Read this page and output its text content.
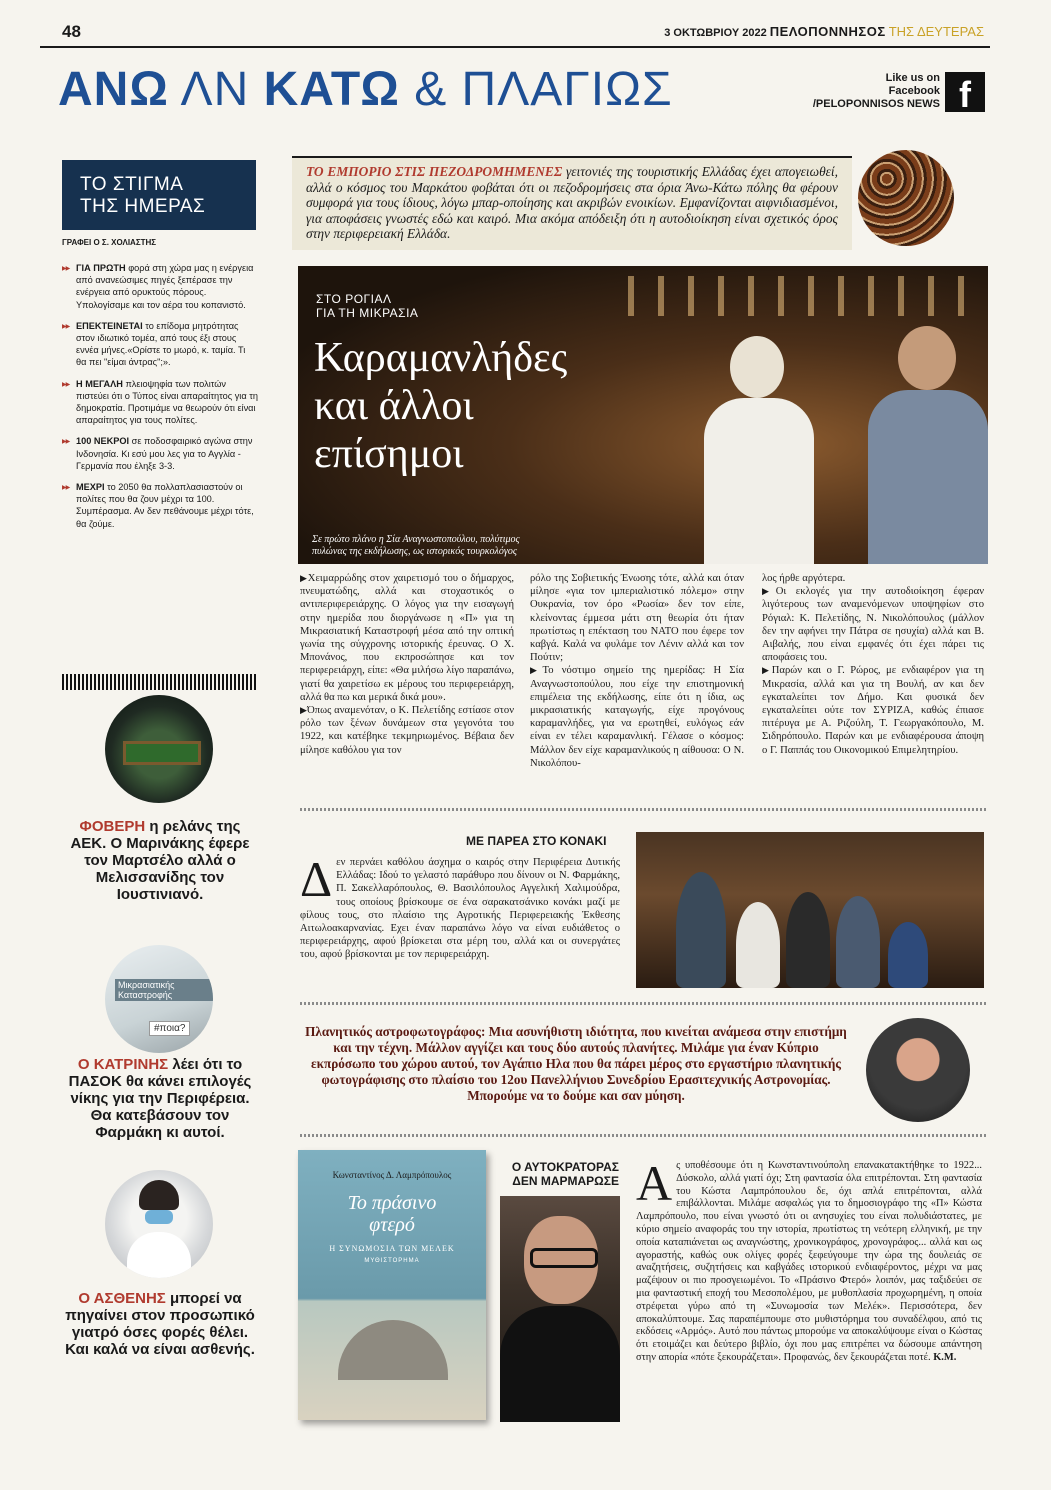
48	3 ΟΚΤΩΒΡΙΟΥ 2022 ΠΕΛΟΠΟΝΝΗΣΟΣ ΤΗΣ ΔΕΥΤΕΡΑΣ
ΑΝΩ ΛΝ ΚΑΤΩ & ΠΛΑΓΙΩΣ	Like us on
Facebook
/PELOPONNISOS NEWS f
ΤΟ ΣΤΙΓΜΑ
ΤΗΣ ΗΜΕΡΑΣ
ΓΡΑΦΕΙ Ο Σ. ΧΟΛΙΑΣΤΗΣ

▶▶ ΓΙΑ ΠΡΩΤΗ φορά στη χώρα μας η ενέργεια από ανανεώσιμες πηγές ξεπέρασε την ενέργεια από ορυκτούς πόρους. Υπολογίσαμε και τον αέρα του κοπανιστό.

▶▶ ΕΠΕΚΤΕΙΝΕΤΑΙ το επίδομα μητρότητας στον ιδιωτικό τομέα, από τους έξι στους εννέα μήνες.«Ορίστε το μωρό, κ. ταμία. Τι θα πει "είμαι άντρας";».

▶▶ Η ΜΕΓΑΛΗ πλειοψηφία των πολιτών πιστεύει ότι ο Τύπος είναι απαραίτητος για τη δημοκρατία. Προτιμάμε να θεωρούν ότι είναι απαραίτητος για τους πολίτες.

▶▶ 100 ΝΕΚΡΟΙ σε ποδοσφαιρικό αγώνα στην Ινδονησία. Κι εσύ μου λες για το Αγγλία - Γερμανία που έληξε 3-3.

▶▶ ΜΕΧΡΙ το 2050 θα πολλαπλασιαστούν οι πολίτες που θα ζουν μέχρι τα 100. Συμπέρασμα. Αν δεν πεθάνουμε μέχρι τότε, θα ζούμε.

ΦΟΒΕΡΗ η ρελάνς της ΑΕΚ. Ο Μαρινάκης έφερε τον Μαρτσέλο αλλά ο Μελισσανίδης τον Ιουστινιανό.
Μικρασιατικής Καταστροφής
#ποια?
Ο ΚΑΤΡΙΝΗΣ λέει ότι το ΠΑΣΟΚ θα κάνει επιλογές νίκης για την Περιφέρεια. Θα κατεβάσουν τον Φαρμάκη κι αυτοί.
Ο ΑΣΘΕΝΗΣ μπορεί να πηγαίνει στον προσωπικό γιατρό όσες φορές θέλει. Και καλά να είναι ασθενής.

ΤΟ ΕΜΠΟΡΙΟ ΣΤΙΣ ΠΕΖΟΔΡΟΜΗΜΕΝΕΣ γειτονιές της τουριστικής Ελλάδας έχει απογειωθεί, αλλά ο κόσμος του Μαρκάτου φοβάται ότι οι πεζοδρομήσεις στα όρια Άνω-Κάτω πόλης θα φέρουν συμφορά για τους ίδιους, λόγω μπαρ-οποίησης και ακριβών ενοικίων. Εμφανίζονται αιφνιδιασμένοι, για αποφάσεις γνωστές εδώ και καιρό. Μια ακόμα απόδειξη ότι η αυτοδιοίκηση είναι σχετικός όρος στην περιφερειακή Ελλάδα.

ΣΤΟ ΡΟΓΙΑΛ
ΓΙΑ ΤΗ ΜΙΚΡΑΣΙΑ
Καραμανλήδες
και άλλοι
επίσημοι
Σε πρώτο πλάνο η Σία Αναγνωστοπούλου, πολύτιμος
πυλώνας της εκδήλωσης, ως ιστορικός τουρκολόγος

▶ Χειμαρρώδης στον χαιρετισμό του ο δήμαρχος, πνευματώδης, αλλά και στοχαστικός ο αντιπεριφερειάρχης. Ο λόγος για την εισαγωγή στην ημερίδα που διοργάνωσε η «Π» για τη Μικρασιατική Καταστροφή μέσα από την οπτική γωνία της σύγχρονης ιστορικής έρευνας. Ο Χ. Μπονάνος, που εκπροσώπησε και τον περιφερειάρχη, είπε: «Θα μιλήσω λίγο παραπάνω, γιατί θα χαιρετίσω εκ μέρους του περιφερειάρχη, αλλά θα πω και μερικά δικά μου».

▶ Όπως αναμενόταν, ο Κ. Πελετίδης εστίασε στον ρόλο των ξένων δυνάμεων στα γεγονότα του 1922, και κατέβηκε τεκμηριωμένος. Βέβαια δεν μίλησε καθόλου για τον

ρόλο της Σοβιετικής Ένωσης τότε, αλλά και όταν μίλησε «για τον ιμπεριαλιστικό πόλεμο» στην Ουκρανία, τον όρο «Ρωσία» δεν τον είπε, κλείνοντας έμμεσα μάτι στη θεωρία ότι ήταν πρωτίστως η επέκταση του ΝΑΤΟ που έφερε τον καβγά. Καλά να φυλάμε τον Λένιν αλλά και τον Πούτιν;

▶ Το νόστιμο σημείο της ημερίδας: Η Σία Αναγνωστοπούλου, που είχε την επιστημονική επιμέλεια της εκδήλωσης, είπε ότι η ίδια, ως μικρασιατικής καταγωγής, είχε προγόνους καραμανλήδες, για να ερωτηθεί, ευλόγως εάν είναι εν τέλει καραμανλική. Γέλασε ο κόσμος: Μάλλον δεν είχε καραμανλικούς η αίθουσα: Ο Ν. Νικολόπου-

λος ήρθε αργότερα.

▶ Οι εκλογές για την αυτοδιοίκηση έφεραν λιγότερους των αναμενόμενων υποψηφίων στο Ρόγιαλ: Κ. Πελετίδης, Ν. Νικολόπουλος (μάλλον δεν την αφήνει την Πάτρα σε ησυχία) αλλά και Β. Αιβαλής, που είναι εμφανές ότι έχει πάρει τις αποφάσεις του.

▶ Παρών και ο Γ. Ρώρος, με ενδιαφέρον για τη Μικρασία, αλλά και για τη Βουλή, αν και δεν εγκαταλείπει τον Δήμο. Και φυσικά δεν εγκαταλείπει ούτε τον ΣΥΡΙΖΑ, καθώς έπιασε πιτέρυγα με Α. Ριζούλη, Τ. Γεωργακόπουλο, Μ. Σιδηρόπουλο. Παρών και με ενδιαφέρουσα άποψη ο Γ. Παππάς του Οικονομικού Επιμελητηρίου.

ΜΕ ΠΑΡΕΑ ΣΤΟ ΚΟΝΑΚΙ
Δεν περνάει καθόλου άσχημα ο καιρός στην Περιφέρεια Δυτικής Ελλάδας: Ιδού το γελαστό παράθυρο που δίνουν οι Ν. Φαρμάκης, Π. Σακελλαρόπουλος, Θ. Βασιλόπουλος Αγγελική Χαλιμούδρα, τους οποίους βρίσκουμε σε ένα σαρακατσάνικο κονάκι μαζί με φίλους τους, στο πλαίσιο της Αγροτικής Περιφερειακής Έκθεσης Αιτωλοακαρνανίας. Εχει έναν παραπάνω λόγο να είναι ευδιάθετος ο περιφερειάρχης, αφού βρίσκεται στα μέρη του, αλλά και οι συνεργάτες του, αφού βρίσκονται με τον περιφερειάρχη.
Πλανητικός αστροφωτογράφος: Μια ασυνήθιστη ιδιότητα, που κινείται ανάμεσα στην επιστήμη και την τέχνη. Μάλλον αγγίζει και τους δύο αυτούς πλανήτες. Μιλάμε για έναν Κύπριο εκπρόσωπο του χώρου αυτού, τον Αγάπιο Ηλα που θα πάρει μέρος στο εργαστήριο πλανητικής φωτογράφισης στο πλαίσιο του 12ου Πανελλήνιου Συνεδρίου Ερασιτεχνικής Αστρονομίας. Μπορούμε να το δούμε και σαν μύηση.
Κωνσταντίνος Δ. Λαμπρόπουλος
Το πράσινο
φτερό
Η ΣΥΝΩΜΟΣΙΑ ΤΩΝ ΜΕΛΕΚ
ΜΥΘΙΣΤΟΡΗΜΑ
Ο ΑΥΤΟΚΡΑΤΟΡΑΣ
ΔΕΝ ΜΑΡΜΑΡΩΣΕ Ας υποθέσουμε ότι η Κωνσταντινούπολη επανακατακτήθηκε το 1922... Δύσκολο, αλλά γιατί όχι; Στη φαντασία όλα επιτρέπονται. Στη φαντασία του Κώστα Λαμπρόπουλου δε, όχι απλά επιτρέπονται, αλλά επιβάλλονται. Μιλάμε ασφαλώς για το δημοσιογράφο της «Π» Κώστα Λαμπρόπουλο, που είναι γνωστό ότι οι ανησυχίες του είναι πολυδιάστατες, με κύριο σημείο αναφοράς του την ιστορία, πρωτίστως τη νεότερη ελληνική, με την οποία καταπιάνεται ως αναγνώστης, χρονικογράφος, χρονογράφος... αλλά και ως αγοραστής, καθώς ουκ ολίγες φορές ξεφεύγουμε την ώρα της δουλειάς σε αναζητήσεις, συζητήσεις και καβγάδες ιστορικού ενδιαφέροντος, μέχρι να μας μαζέψουν οι πιο προσγειωμένοι. Το «Πράσινο Φτερό» λοιπόν, μας ταξιδεύει σε μια φανταστική εποχή του Μεσοπολέμου, με μυθοπλασία προχωρημένη, η οποία στρέφεται γύρω από τη «Συνωμοσία των Μελέκ». Περισσότερα, δεν αποκαλύπτουμε. Σας παραπέμπουμε στο μυθιστόρημα του συναδέλφου, από τις εκδόσεις «Αρμός». Αυτό που πάντως μπορούμε να αποκαλύψουμε είναι ο Κώστας ότι ετοιμάζει και δεύτερο βιβλίο, όχι που μας επιτρέπει να δώσουμε απάντηση στην απορία «πότε ξεκουράζεται». Προφανώς, δεν ξεκουράζεται ποτέ. Κ.Μ.
